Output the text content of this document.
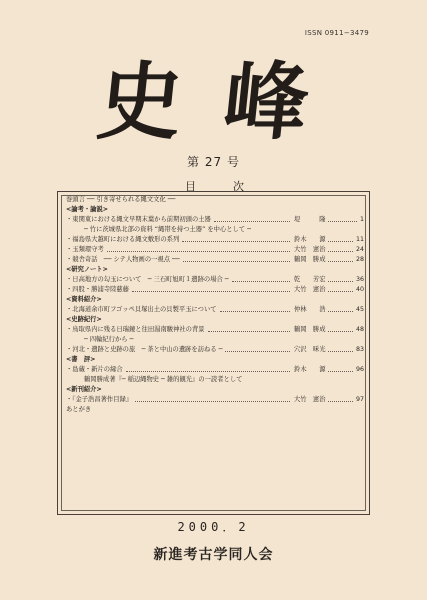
ISSN 0911−3479
史 峰
第 27 号
目	次
巻頭言 ── 引き寄せられる縄文文化 ──
<論考・論説>
・東関東における縄文早期末葉から前期初頭の土器	堤　　　隆	1
─ 竹に茨城県北部の資料 “縄帯を持つ土器” を中心として ─
・福島県大越町における縄文敷形の系列	鈴木　　源	11
・玉類環守考	大竹　憲治	24
・競舎奇話　── シテ人物画の一視点 ──	鶴岡　勝成	28
<研究ノート>
・日高地方の勾玉について　─ 三石町旭町１遺跡の場合 ─	乾　　芳宏	36
・四股・勝浦寺陸慈藤	大竹　憲治	40
<資料紹介>
・北海道余市町フゴッペ貝塚出土の貝製平玉について	仲林　　浩	45
<史跡紀行>
・鳥取県内に残る日瑞鏡と往田湯南駿神社の背景	鶴岡　勝成	48
─ 四輪紀行から ─
・河北・遺跡と史跡の旅　─ 茶と中山の遺跡を訪ねる ─	穴沢　咊光	83
<書　評>
・島蔵・新片の縁合	鈴木　　源	96
鶴岡勝成著『─ 稲辺縄物史 ─ 雑的観光』の一読者として
<新刊紹介>
・『金子浩昌著作目録』	大竹　憲治	97
あとがき
2000．2
新進考古学同人会
